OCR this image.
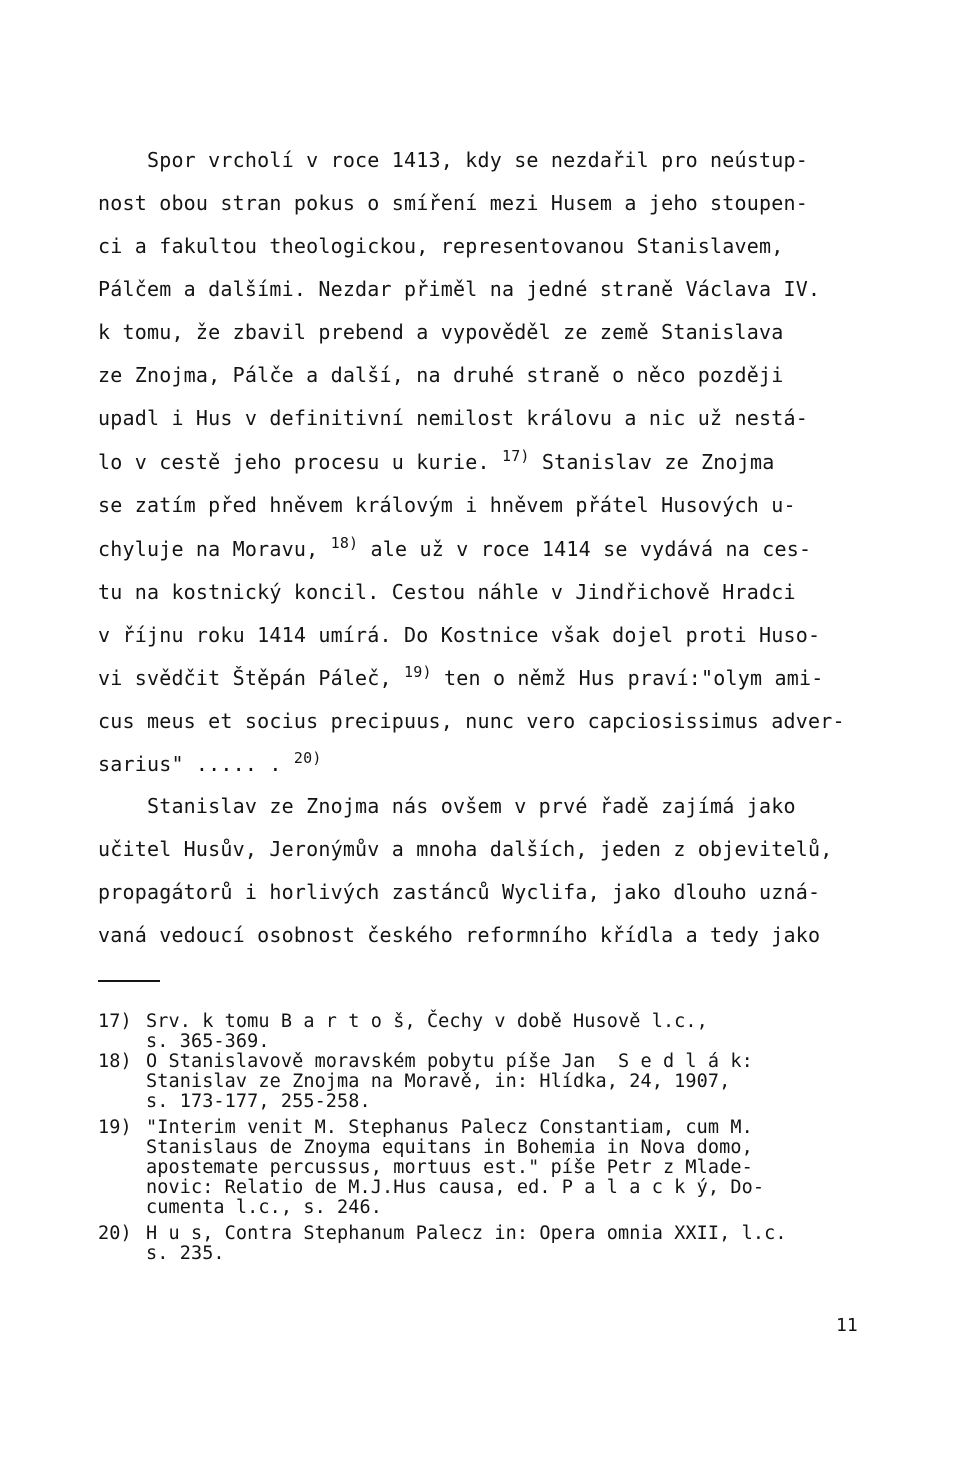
Spor vrcholí v roce 1413, kdy se nezdařil pro neústup-
nost obou stran pokus o smíření mezi Husem a jeho stoupen-
ci a fakultou theologickou, representovanou Stanislavem,
Pálčem a dalšími. Nezdar přiměl na jedné straně Václava IV.
k tomu, že zbavil prebend a vypověděl ze země Stanislava
ze Znojma, Pálče a další, na druhé straně o něco později
upadl i Hus v definitivní nemilost královu a nic už nestá-
lo v cestě jeho procesu u kurie. $^{17)}$ Stanislav ze Znojma
se zatím před hněvem královým i hněvem přátel Husových u-
chyluje na Moravu, $^{18)}$ ale už v roce 1414 se vydává na ces-
tu na kostnický koncil. Cestou náhle v Jindřichově Hradci
v říjnu roku 1414 umírá. Do Kostnice však dojel proti Huso-
vi svědčit Štěpán Páleč, $^{19)}$ ten o němž Hus praví:"olym ami-
cus meus et socius precipuus, nunc vero capciosissimus adver-
sarius" ..... . $^{20)}$
Stanislav ze Znojma nás ovšem v prvé řadě zajímá jako
učitel Husův, Jeronýmův a mnoha dalších, jeden z objevitelů,
propagátorů i horlivých zastánců Wyclifa, jako dlouho uzná-
vaná vedoucí osobnost českého reformního křídla a tedy jako
17) Srv. k tomu B a r t o š, Čechy v době Husově l.c.,
s. 365-369.
18) O Stanislavově moravském pobytu píše Jan  S e d l á k:
Stanislav ze Znojma na Moravě, in: Hlídka, 24, 1907,
s. 173-177, 255-258.
19) "Interim venit M. Stephanus Palecz Constantiam, cum M.
Stanislaus de Znoyma equitans in Bohemia in Nova domo,
apostemate percussus, mortuus est." píše Petr z Mlade-
novic: Relatio de M.J.Hus causa, ed. P a l a c k ý, Do-
cumenta l.c., s. 246.
20) H u s, Contra Stephanum Palecz in: Opera omnia XXII, l.c.
s. 235.
11
